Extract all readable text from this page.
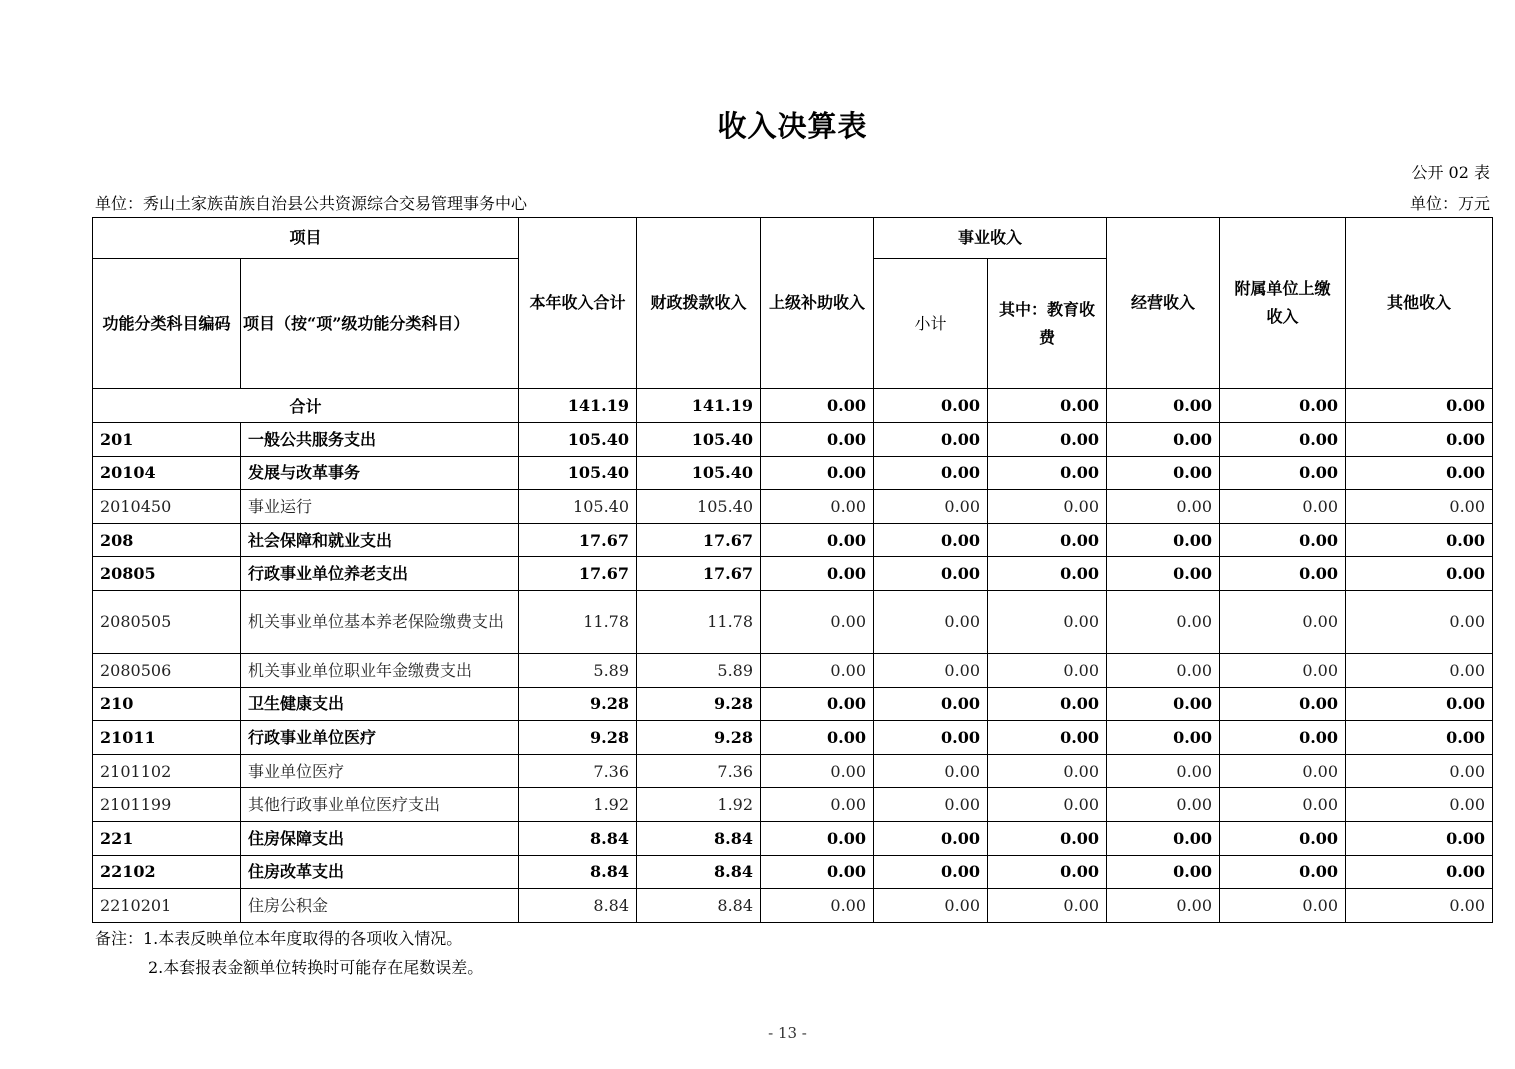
收入决算表
公开 02 表
单位：秀山土家族苗族自治县公共资源综合交易管理事务中心	单位：万元
项目		本年收入合计	财政拨款收入	上级补助收入	事业收入		经营收入	附属单位上缴收入	其他收入
功能分类科目编码	项目（按“项”级功能分类科目）				小计	其中：教育收费			
合计		141.19	141.19	0.00	0.00	0.00	0.00	0.00	0.00
201	一般公共服务支出	105.40	105.40	0.00	0.00	0.00	0.00	0.00	0.00
20104	发展与改革事务	105.40	105.40	0.00	0.00	0.00	0.00	0.00	0.00
2010450	事业运行	105.40	105.40	0.00	0.00	0.00	0.00	0.00	0.00
208	社会保障和就业支出	17.67	17.67	0.00	0.00	0.00	0.00	0.00	0.00
20805	行政事业单位养老支出	17.67	17.67	0.00	0.00	0.00	0.00	0.00	0.00
2080505	机关事业单位基本养老保险缴费支出	11.78	11.78	0.00	0.00	0.00	0.00	0.00	0.00
2080506	机关事业单位职业年金缴费支出	5.89	5.89	0.00	0.00	0.00	0.00	0.00	0.00
210	卫生健康支出	9.28	9.28	0.00	0.00	0.00	0.00	0.00	0.00
21011	行政事业单位医疗	9.28	9.28	0.00	0.00	0.00	0.00	0.00	0.00
2101102	事业单位医疗	7.36	7.36	0.00	0.00	0.00	0.00	0.00	0.00
2101199	其他行政事业单位医疗支出	1.92	1.92	0.00	0.00	0.00	0.00	0.00	0.00
221	住房保障支出	8.84	8.84	0.00	0.00	0.00	0.00	0.00	0.00
22102	住房改革支出	8.84	8.84	0.00	0.00	0.00	0.00	0.00	0.00
2210201	住房公积金	8.84	8.84	0.00	0.00	0.00	0.00	0.00	0.00
备注：1.本表反映单位本年度取得的各项收入情况。
2.本套报表金额单位转换时可能存在尾数误差。
- 13 -
